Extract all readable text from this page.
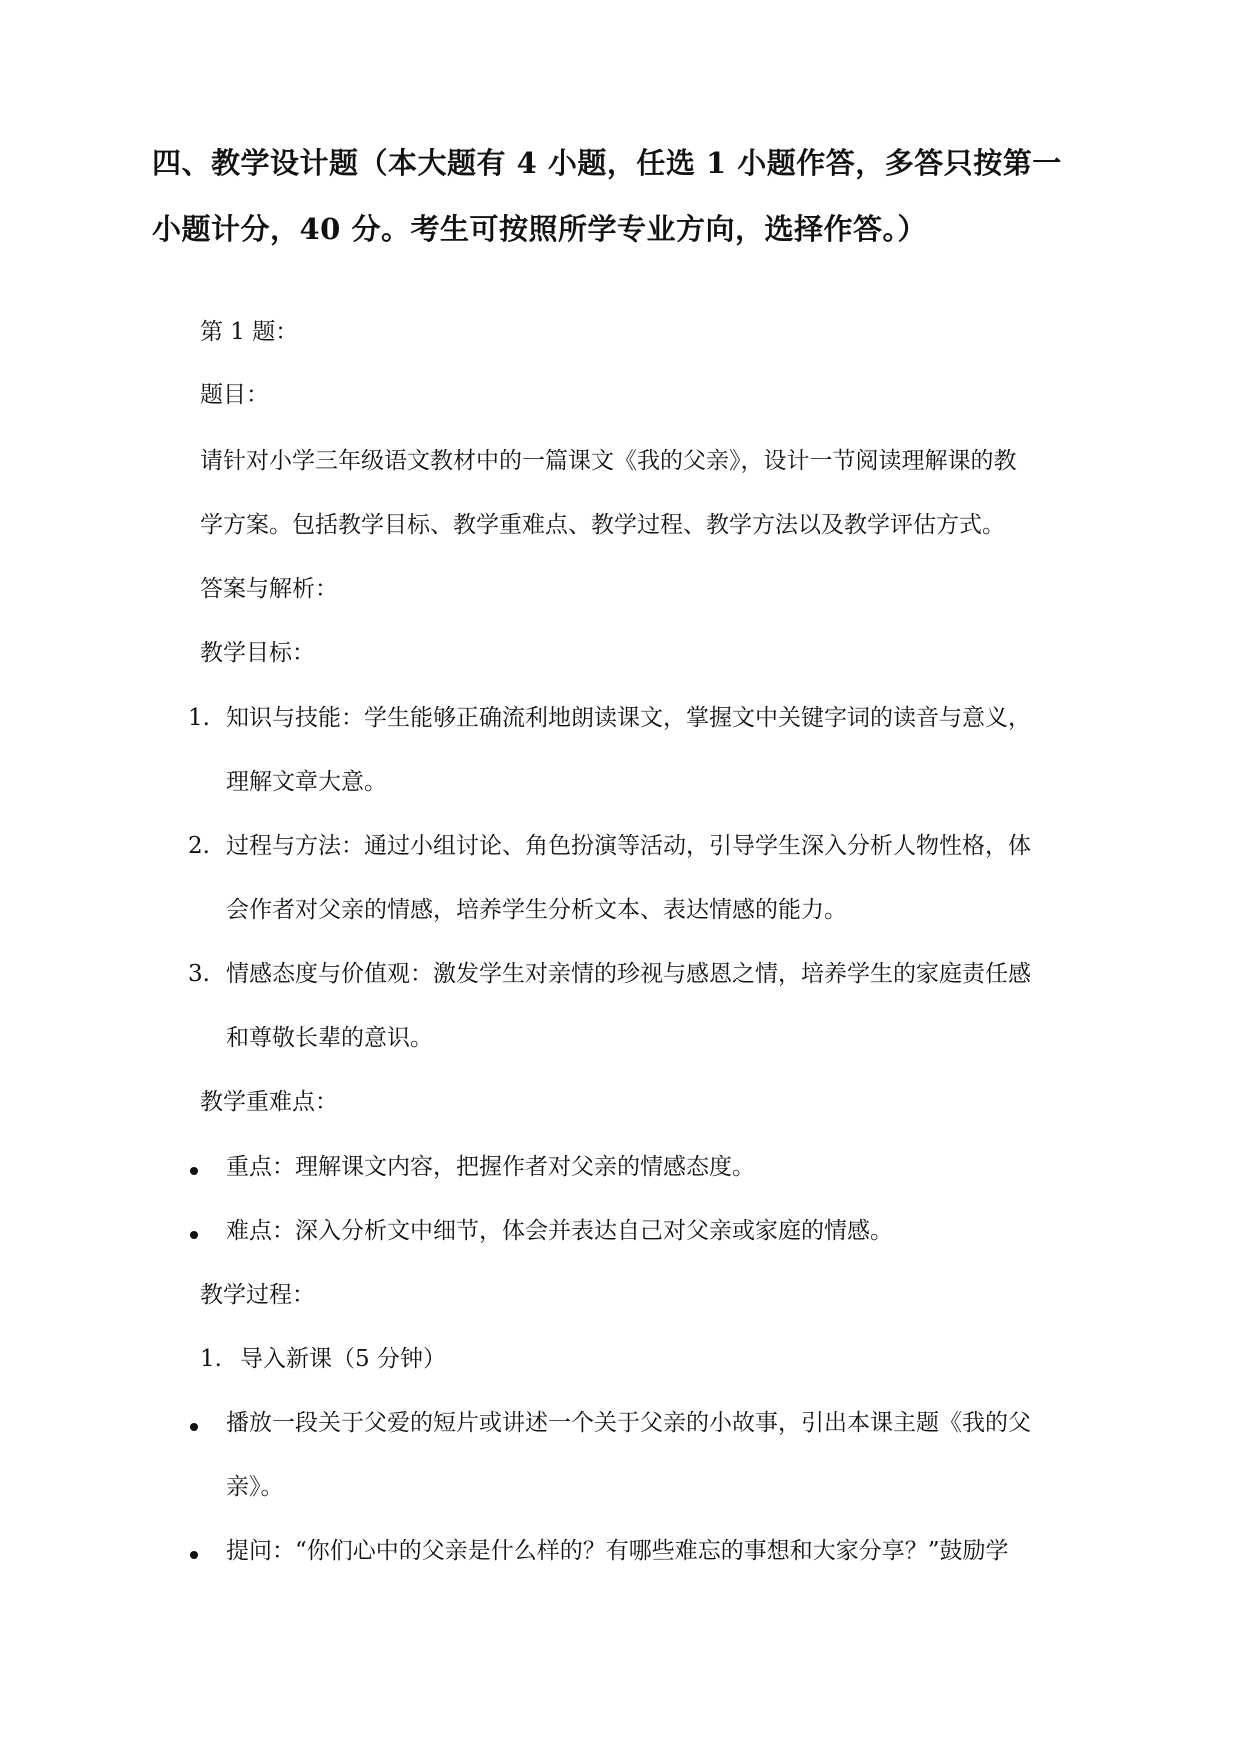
四、教学设计题（本大题有 4 小题，任选 1 小题作答，多答只按第一
小题计分，40 分。考生可按照所学专业方向，选择作答。）
第 1 题：
题目：
请针对小学三年级语文教材中的一篇课文《我的父亲》，设计一节阅读理解课的教
学方案。包括教学目标、教学重难点、教学过程、教学方法以及教学评估方式。
答案与解析：
教学目标：
1. 知识与技能：学生能够正确流利地朗读课文，掌握文中关键字词的读音与意义，
理解文章大意。
2. 过程与方法：通过小组讨论、角色扮演等活动，引导学生深入分析人物性格，体
会作者对父亲的情感，培养学生分析文本、表达情感的能力。
3. 情感态度与价值观：激发学生对亲情的珍视与感恩之情，培养学生的家庭责任感
和尊敬长辈的意识。
教学重难点：
重点：理解课文内容，把握作者对父亲的情感态度。
难点：深入分析文中细节，体会并表达自己对父亲或家庭的情感。
教学过程：
1. 导入新课（5 分钟）
播放一段关于父爱的短片或讲述一个关于父亲的小故事，引出本课主题《我的父
亲》。
提问：“你们心中的父亲是什么样的？有哪些难忘的事想和大家分享？”鼓励学
